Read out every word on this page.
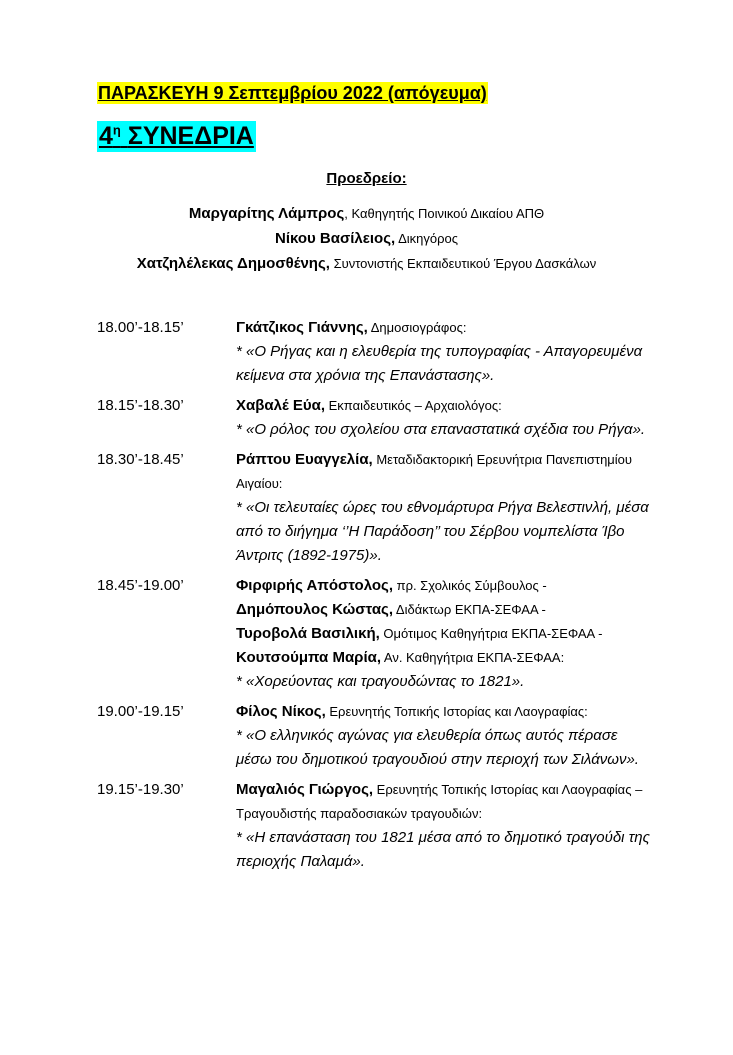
ΠΑΡΑΣΚΕΥΗ 9 Σεπτεμβρίου 2022 (απόγευμα)
$4^\eta$ ΣΥΝΕΔΡΙΑ
Προεδρείο:
Μαργαρίτης Λάμπρος, Καθηγητής Ποινικού Δικαίου ΑΠΘ
Νίκου Βασίλειος, Δικηγόρος
Χατζηλέλεκας Δημοσθένης, Συντονιστής Εκπαιδευτικού Έργου Δασκάλων
18.00’-18.15’	Γκάτζικος Γιάννης, Δημοσιογράφος:
* «Ο Ρήγας και η ελευθερία της τυπογραφίας - Απαγορευμένα κείμενα στα χρόνια της Επανάστασης».
18.15’-18.30’	Χαβαλέ Εύα, Εκπαιδευτικός – Αρχαιολόγος:
* «Ο ρόλος του σχολείου στα επαναστατικά σχέδια του Ρήγα».
18.30’-18.45’	Ράπτου Ευαγγελία, Μεταδιδακτορική Ερευνήτρια Πανεπιστημίου Αιγαίου:
* «Οι τελευταίες ώρες του εθνομάρτυρα Ρήγα Βελεστινλή, μέσα από το διήγημα ‘’Η Παράδοση’’ του Σέρβου νομπελίστα Ίβο Άντριτς (1892-1975)».
18.45’-19.00’	Φιρφιρής Απόστολος, πρ. Σχολικός Σύμβουλος -
Δημόπουλος Κώστας, Διδάκτωρ ΕΚΠΑ-ΣΕΦΑΑ -
Τυροβολά Βασιλική, Ομότιμος Καθηγήτρια ΕΚΠΑ-ΣΕΦΑΑ -
Κουτσούμπα Μαρία, Αν. Καθηγήτρια ΕΚΠΑ-ΣΕΦΑΑ:
* «Χορεύοντας και τραγουδώντας το 1821».
19.00’-19.15’	Φίλος Νίκος, Ερευνητής Τοπικής Ιστορίας και Λαογραφίας:
* «Ο ελληνικός αγώνας για ελευθερία όπως αυτός πέρασε μέσω του δημοτικού τραγουδιού στην περιοχή των Σιλάνων».
19.15’-19.30’	Μαγαλιός Γιώργος, Ερευνητής Τοπικής Ιστορίας και Λαογραφίας – Τραγουδιστής παραδοσιακών τραγουδιών:
* «Η επανάσταση του 1821 μέσα από το δημοτικό τραγούδι της περιοχής Παλαμά».
